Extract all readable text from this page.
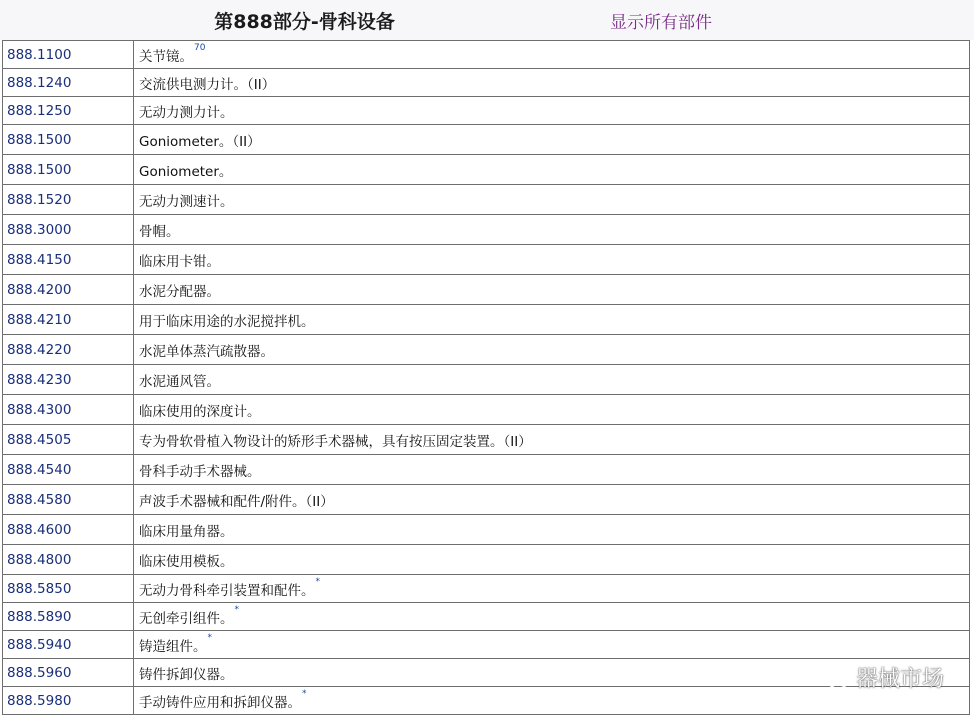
第888部分-骨科设备	显示所有部件
888.1100	关节镜。$^{70}$
888.1240	交流供电测力计。（II）
888.1250	无动力测力计。
888.1500	Goniometer。（II）
888.1500	Goniometer。
888.1520	无动力测速计。
888.3000	骨帽。
888.4150	临床用卡钳。
888.4200	水泥分配器。
888.4210	用于临床用途的水泥搅拌机。
888.4220	水泥单体蒸汽疏散器。
888.4230	水泥通风管。
888.4300	临床使用的深度计。
888.4505	专为骨软骨植入物设计的矫形手术器械，具有按压固定装置。（II）
888.4540	骨科手动手术器械。
888.4580	声波手术器械和配件/附件。（II）
888.4600	临床用量角器。
888.4800	临床使用模板。
888.5850	无动力骨科牵引装置和配件。*
888.5890	无创牵引组件。*
888.5940	铸造组件。*
888.5960	铸件拆卸仪器。
888.5980	手动铸件应用和拆卸仪器。*
器械市场
